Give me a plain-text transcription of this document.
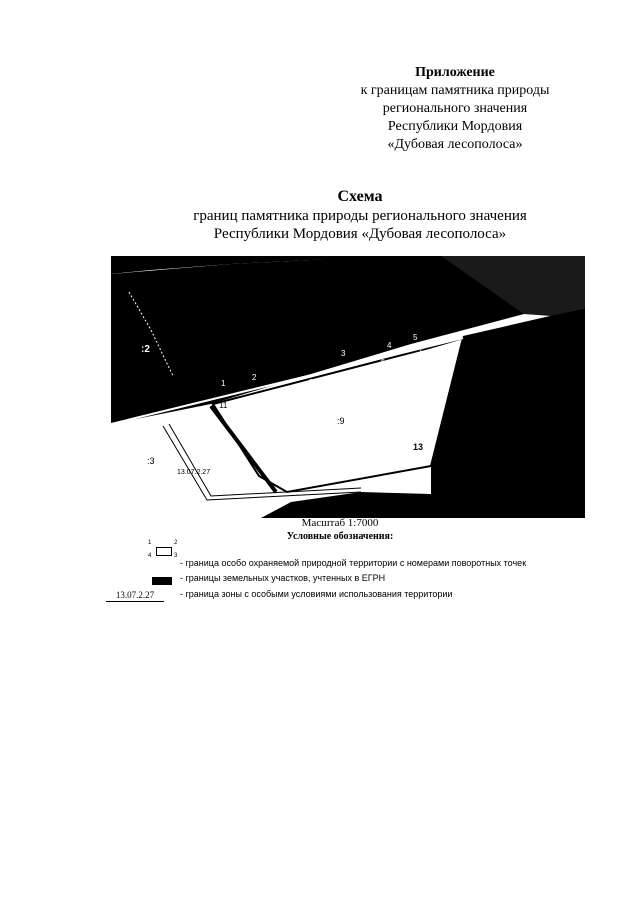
Приложение
к границам памятника природы
регионального значения
Республики Мордовия
«Дубовая лесополоса»
Схема
границ памятника природы регионального значения
Республики Мордовия «Дубовая лесополоса»
1
2
3
4
5
6
7
9
10
11
:2
:9
:3
13
13.07.2.27
Масштаб 1:7000
Условные обозначения:
1	2
4	3
- граница особо охраняемой природной территории с номерами поворотных точек
- границы земельных участков, учтенных в ЕГРН
13.07.2.27	- граница зоны с особыми условиями использования территории
